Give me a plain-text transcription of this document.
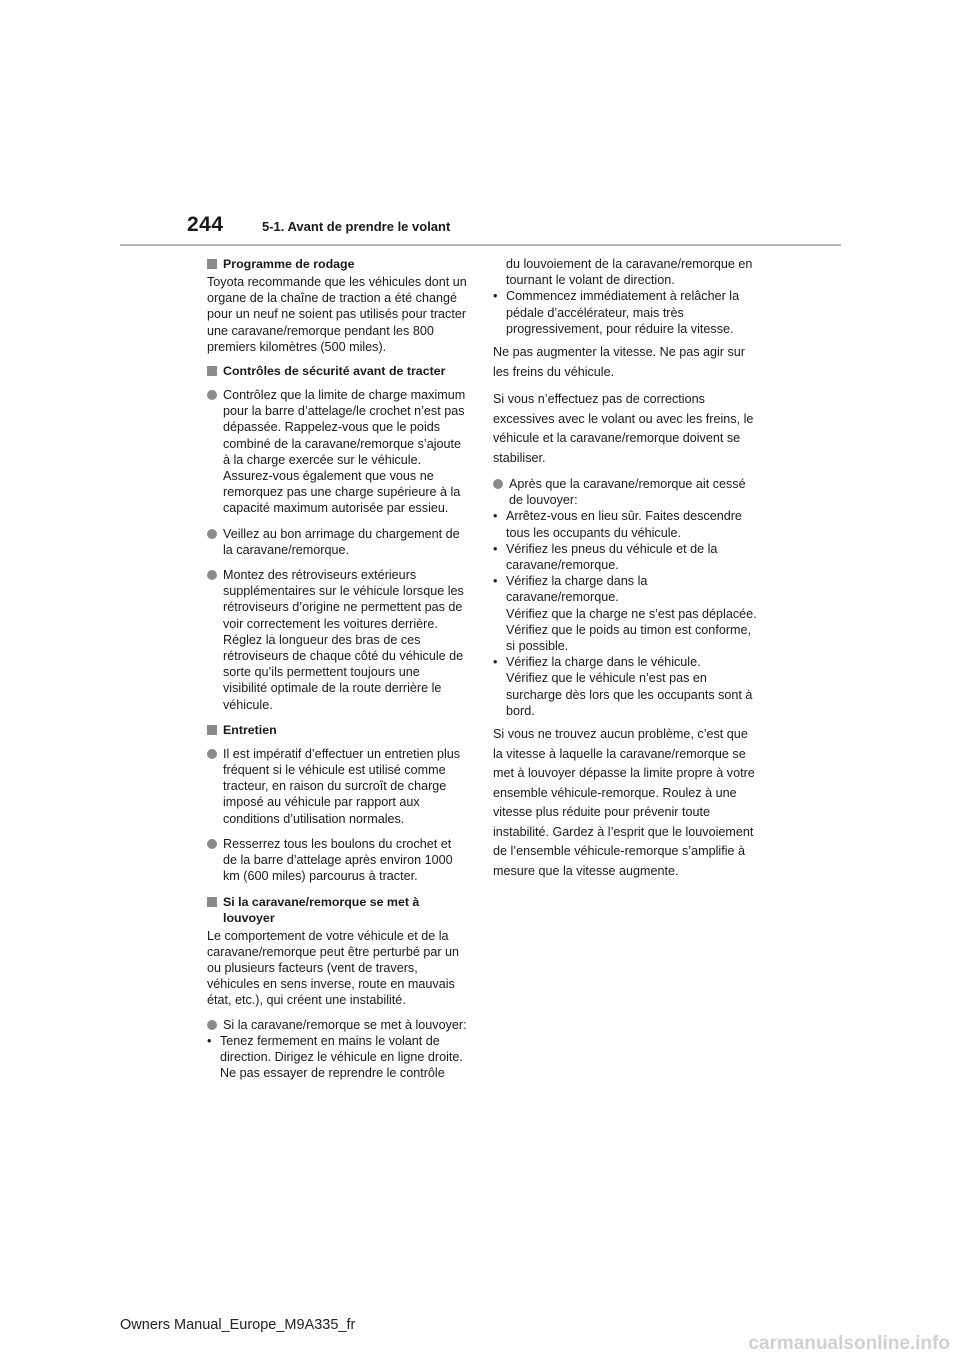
244	5-1. Avant de prendre le volant
Programme de rodage

Toyota recommande que les véhicules dont un organe de la chaîne de traction a été changé pour un neuf ne soient pas utilisés pour tracter une caravane/remorque pendant les 800 premiers kilomètres (500 miles).

Contrôles de sécurité avant de tracter
Contrôlez que la limite de charge maximum pour la barre d’attelage/le crochet n’est pas dépassée. Rappelez-vous que le poids combiné de la caravane/remorque s’ajoute à la charge exercée sur le véhicule. Assurez-vous également que vous ne remorquez pas une charge supérieure à la capacité maximum autorisée par essieu.
Veillez au bon arrimage du chargement de la caravane/remorque.
Montez des rétroviseurs extérieurs supplémentaires sur le véhicule lorsque les rétroviseurs d’origine ne permettent pas de voir correctement les voitures derrière. Réglez la longueur des bras de ces rétroviseurs de chaque côté du véhicule de sorte qu’ils permettent toujours une visibilité optimale de la route derrière le véhicule.
Entretien
Il est impératif d’effectuer un entretien plus fréquent si le véhicule est utilisé comme tracteur, en raison du surcroît de charge imposé au véhicule par rapport aux conditions d’utilisation normales.
Resserrez tous les boulons du crochet et de la barre d’attelage après environ 1000 km (600 miles) parcourus à tracter.
Si la caravane/remorque se met à louvoyer

Le comportement de votre véhicule et de la caravane/remorque peut être perturbé par un ou plusieurs facteurs (vent de travers, véhicules en sens inverse, route en mauvais état, etc.), qui créent une instabilité.

Si la caravane/remorque se met à louvoyer:
• Tenez fermement en mains le volant de direction. Dirigez le véhicule en ligne droite.
Ne pas essayer de reprendre le contrôle

du louvoiement de la caravane/remorque en tournant le volant de direction.

• Commencez immédiatement à relâcher la pédale d’accélérateur, mais très progressivement, pour réduire la vitesse.

Ne pas augmenter la vitesse. Ne pas agir sur les freins du véhicule.

Si vous n’effectuez pas de corrections excessives avec le volant ou avec les freins, le véhicule et la caravane/remorque doivent se stabiliser.

Après que la caravane/remorque ait cessé de louvoyer:
• Arrêtez-vous en lieu sûr. Faites descendre tous les occupants du véhicule.
• Vérifiez les pneus du véhicule et de la caravane/remorque.
• Vérifiez la charge dans la caravane/remorque.
Vérifiez que la charge ne s’est pas déplacée. Vérifiez que le poids au timon est conforme, si possible.
• Vérifiez la charge dans le véhicule.
Vérifiez que le véhicule n’est pas en surcharge dès lors que les occupants sont à bord.

Si vous ne trouvez aucun problème, c’est que la vitesse à laquelle la caravane/remorque se met à louvoyer dépasse la limite propre à votre ensemble véhicule-remorque. Roulez à une vitesse plus réduite pour prévenir toute instabilité. Gardez à l’esprit que le louvoiement de l’ensemble véhicule-remorque s’amplifie à mesure que la vitesse augmente.

Owners Manual_Europe_M9A335_fr
carmanualsonline.info
